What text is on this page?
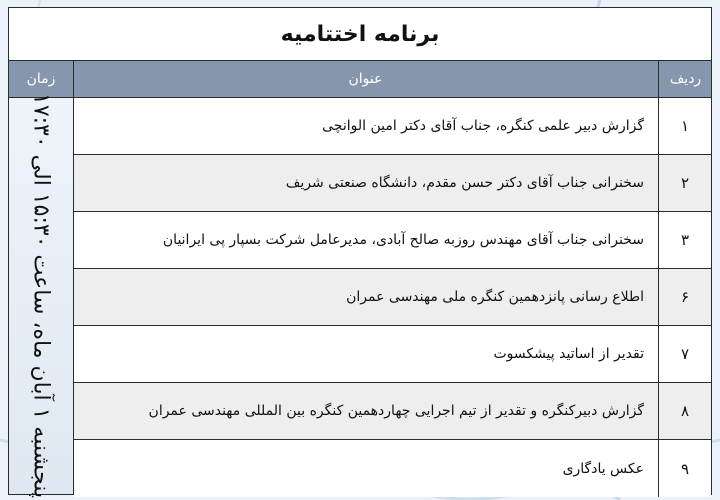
برنامه اختتامیه
زمان	عنوان	ردیف
پنجشنبه ۱ آبان ماه، ساعت ۱۵:۳۰ الی ۱۷:۳۰
گزارش دبیر علمی کنگره، جناب آقای دکتر امین الوانچی	۱
سخنرانی جناب آقای دکتر حسن مقدم، دانشگاه صنعتی شریف	۲
سخنرانی جناب آقای مهندس روزبه صالح آبادی، مدیرعامل شرکت بسپار پی ایرانیان	۳
اطلاع رسانی پانزدهمین کنگره ملی مهندسی عمران	۶
تقدیر از اساتید پیشکسوت	۷
گزارش دبیرکنگره و تقدیر از تیم اجرایی چهاردهمین کنگره بین المللی مهندسی عمران	۸
عکس یادگاری	۹
